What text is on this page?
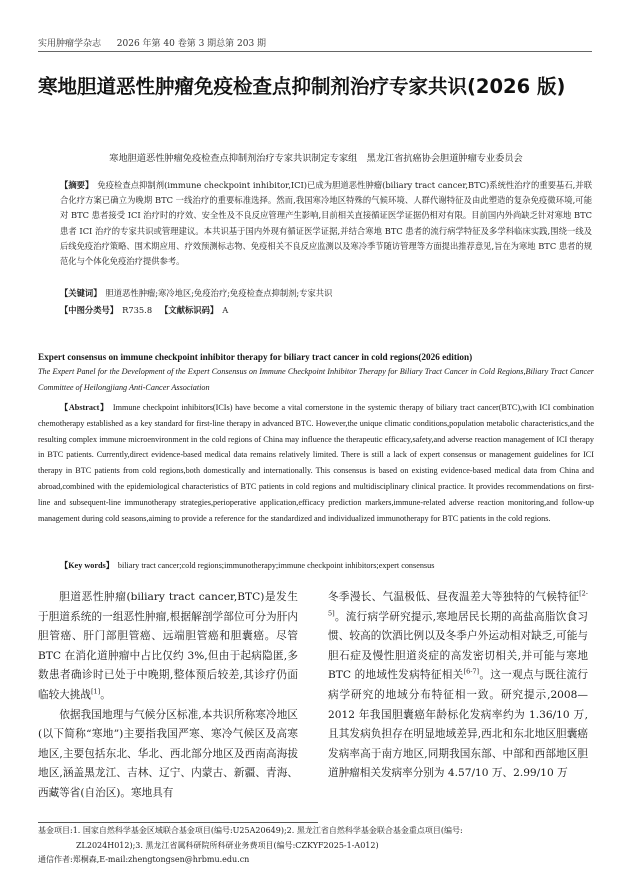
实用肿瘤学杂志 2026 年第 40 卷第 3 期总第 203 期
寒地胆道恶性肿瘤免疫检查点抑制剂治疗专家共识(2026 版)
寒地胆道恶性肿瘤免疫检查点抑制剂治疗专家共识制定专家组　黑龙江省抗癌协会胆道肿瘤专业委员会
【摘要】 免疫检查点抑制剂(immune checkpoint inhibitor,ICI)已成为胆道恶性肿瘤(biliary tract cancer,BTC)系统性治疗的重要基石,并联合化疗方案已确立为晚期 BTC 一线治疗的重要标准选择。然而,我国寒冷地区特殊的气候环境、人群代谢特征及由此塑造的复杂免疫微环境,可能对 BTC 患者接受 ICI 治疗时的疗效、安全性及不良反应管理产生影响,目前相关直接循证医学证据仍相对有限。目前国内外尚缺乏针对寒地 BTC 患者 ICI 治疗的专家共识或管理建议。本共识基于国内外现有循证医学证据,并结合寒地 BTC 患者的流行病学特征及多学科临床实践,围绕一线及后线免疫治疗策略、围术期应用、疗效预测标志物、免疫相关不良反应监测以及寒冷季节随访管理等方面提出推荐意见,旨在为寒地 BTC 患者的规范化与个体化免疫治疗提供参考。
【关键词】 胆道恶性肿瘤;寒冷地区;免疫治疗;免疫检查点抑制剂;专家共识
【中图分类号】 R735.8 【文献标识码】 A
Expert consensus on immune checkpoint inhibitor therapy for biliary tract cancer in cold regions(2026 edition)
The Expert Panel for the Development of the Expert Consensus on Immune Checkpoint Inhibitor Therapy for Biliary Tract Cancer in Cold Regions,Biliary Tract Cancer Committee of Heilongjiang Anti-Cancer Association
【Abstract】 Immune checkpoint inhibitors(ICIs) have become a vital cornerstone in the systemic therapy of biliary tract cancer(BTC),with ICI combination chemotherapy established as a key standard for first-line therapy in advanced BTC. However,the unique climatic conditions,population metabolic characteristics,and the resulting complex immune microenvironment in the cold regions of China may influence the therapeutic efficacy,safety,and adverse reaction management of ICI therapy in BTC patients. Currently,direct evidence-based medical data remains relatively limited. There is still a lack of expert consensus or management guidelines for ICI therapy in BTC patients from cold regions,both domestically and internationally. This consensus is based on existing evidence-based medical data from China and abroad,combined with the epidemiological characteristics of BTC patients in cold regions and multidisciplinary clinical practice. It provides recommendations on first-line and subsequent-line immunotherapy strategies,perioperative application,efficacy prediction markers,immune-related adverse reaction monitoring,and follow-up management during cold seasons,aiming to provide a reference for the standardized and individualized immunotherapy for BTC patients in the cold regions.
【Key words】 biliary tract cancer;cold regions;immunotherapy;immune checkpoint inhibitors;expert consensus

胆道恶性肿瘤(biliary tract cancer,BTC)是发生于胆道系统的一组恶性肿瘤,根据解剖学部位可分为肝内胆管癌、肝门部胆管癌、远端胆管癌和胆囊癌。尽管 BTC 在消化道肿瘤中占比仅约 3%,但由于起病隐匿,多数患者确诊时已处于中晚期,整体预后较差,其诊疗仍面临较大挑战[1]。

依据我国地理与气候分区标准,本共识所称寒冷地区(以下简称“寒地”)主要指我国严寒、寒冷气候区及高寒地区,主要包括东北、华北、西北部分地区及西南高海拔地区,涵盖黑龙江、吉林、辽宁、内蒙古、新疆、青海、西藏等省(自治区)。寒地具有

冬季漫长、气温极低、昼夜温差大等独特的气候特征[2-5]。流行病学研究提示,寒地居民长期的高盐高脂饮食习惯、较高的饮酒比例以及冬季户外运动相对缺乏,可能与胆石症及慢性胆道炎症的高发密切相关,并可能与寒地 BTC 的地域性发病特征相关[6-7]。这一观点与既往流行病学研究的地域分布特征相一致。研究提示,2008—2012 年我国胆囊癌年龄标化发病率约为 1.36/10 万,且其发病负担存在明显地域差异,西北和东北地区胆囊癌发病率高于南方地区,同期我国东部、中部和西部地区胆道肿瘤相关发病率分别为 4.57/10 万、2.99/10 万

基金项目:1. 国家自然科学基金区域联合基金项目(编号:U25A20649);2. 黑龙江省自然科学基金联合基金重点项目(编号:
ZL2024H012);3. 黑龙江省属科研院所科研业务费项目(编号:CZKYF2025-1-A012)
通信作者:郑桐森,E-mail:zhengtongsen@hrbmu.edu.cn
